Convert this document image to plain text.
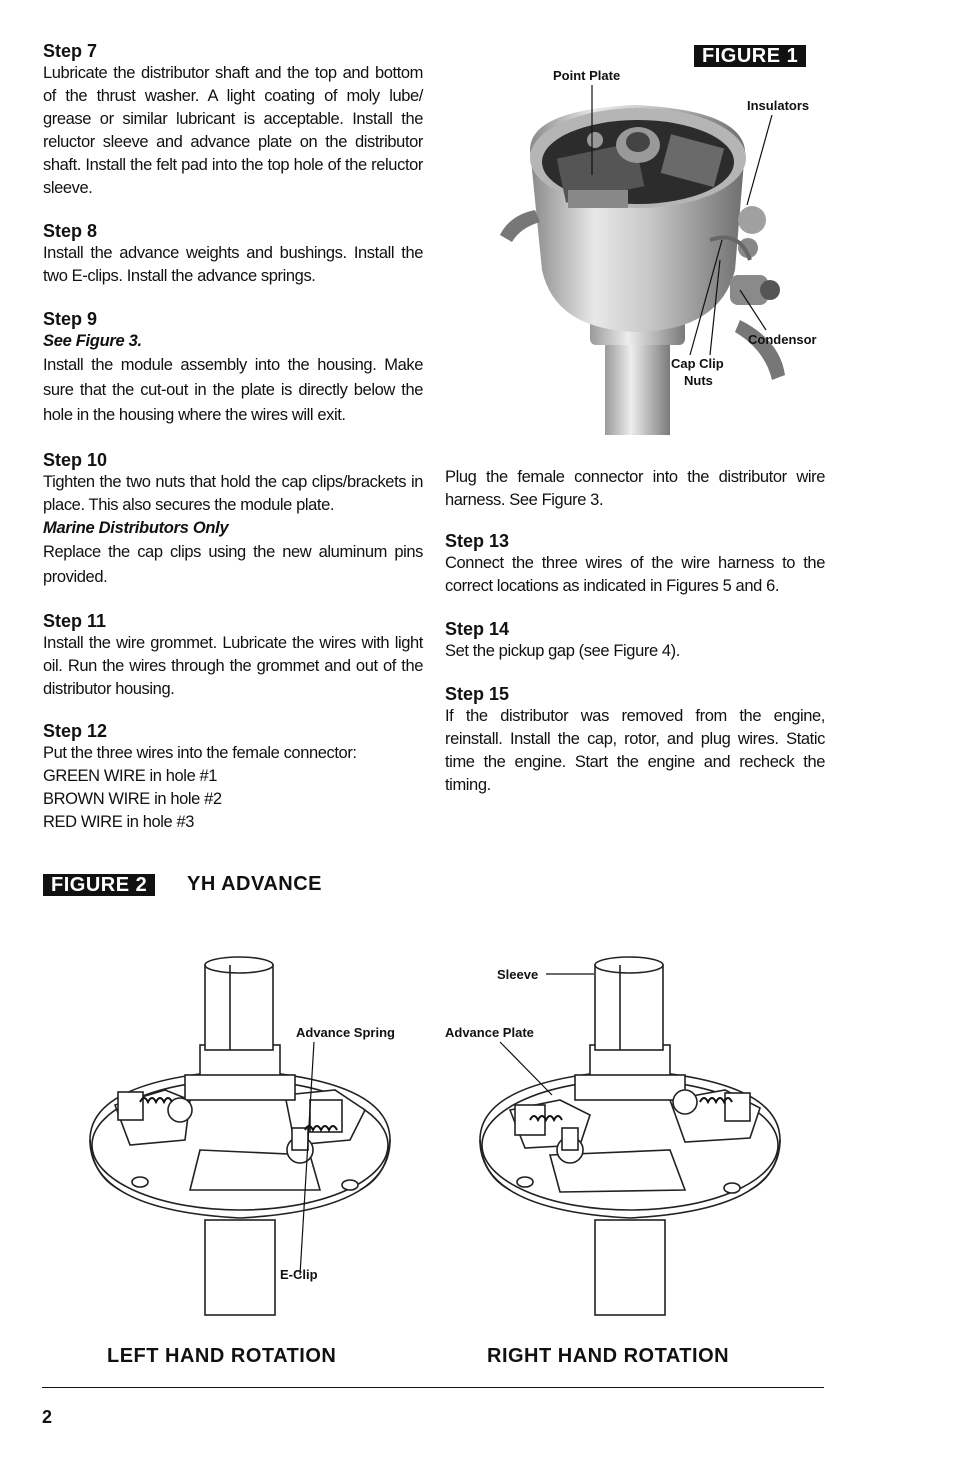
Step 7

Lubricate the distributor shaft and the top and bottom of the thrust washer. A light coating of moly lube/ grease or similar lubricant is acceptable. Install the reluctor sleeve and advance plate on the distributor shaft. Install the felt pad into the top hole of the reluctor sleeve.

Step 8

Install the advance weights and bushings. Install the two E-clips. Install the advance springs.

Step 9
See Figure 3.

Install the module assembly into the housing. Make sure that the cut-out in the plate is directly below the hole in the housing where the wires will exit.

Step 10

Tighten the two nuts that hold the cap clips/brackets in place. This also secures the module plate.

Marine Distributors Only

Replace the cap clips using the new aluminum pins provided.

Step 11

Install the wire grommet. Lubricate the wires with light oil. Run the wires through the grommet and out of the distributor housing.

Step 12

Put the three wires into the female connector:

GREEN WIRE in hole #1

BROWN WIRE in hole #2

RED WIRE in hole #3

FIGURE 1
Point Plate
Insulators
Condensor
Cap Clip
Nuts

Plug the female connector into the distributor wire harness. See Figure 3.

Step 13

Connect the three wires of the wire harness to the correct locations as indicated in Figures 5 and 6.

Step 14

Set the pickup gap (see Figure 4).

Step 15

If the distributor was removed from the engine, reinstall. Install the cap, rotor, and plug wires. Static time the engine. Start the engine and recheck the timing.

FIGURE 2	YH ADVANCE
Advance Spring
E-Clip
Sleeve
Advance Plate
LEFT HAND ROTATION	RIGHT HAND ROTATION
2
